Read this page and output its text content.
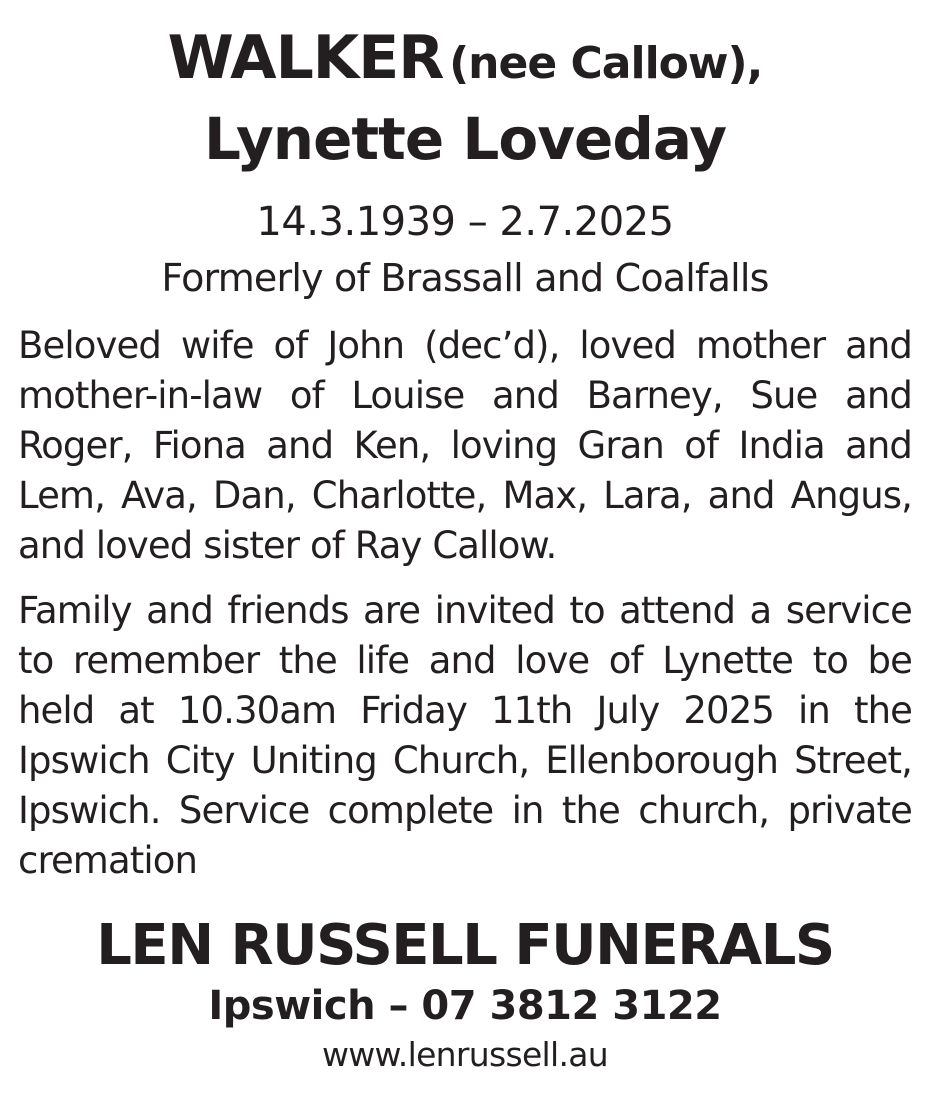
WALKER (nee Callow),
Lynette Loveday
14.3.1939 – 2.7.2025
Formerly of Brassall and Coalfalls

Beloved wife of John (dec’d), loved mother and
mother-in-law of Louise and Barney, Sue and
Roger, Fiona and Ken, loving Gran of India and
Lem, Ava, Dan, Charlotte, Max, Lara, and Angus,
and loved sister of Ray Callow.

Family and friends are invited to attend a service
to remember the life and love of Lynette to be
held at 10.30am Friday 11th July 2025 in the
Ipswich City Uniting Church, Ellenborough Street,
Ipswich. Service complete in the church, private
cremation

LEN RUSSELL FUNERALS
Ipswich – 07 3812 3122
www.lenrussell.au
